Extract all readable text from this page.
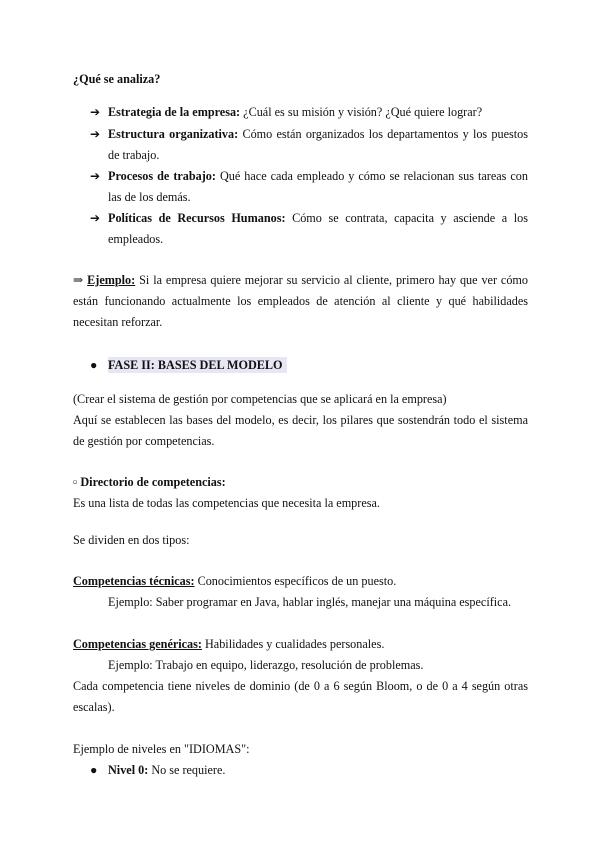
¿Qué se analiza?
➔ Estrategia de la empresa: ¿Cuál es su misión y visión? ¿Qué quiere lograr?
➔ Estructura organizativa: Cómo están organizados los departamentos y los puestos de trabajo.
➔ Procesos de trabajo: Qué hace cada empleado y cómo se relacionan sus tareas con las de los demás.
➔ Políticas de Recursos Humanos: Cómo se contrata, capacita y asciende a los empleados.
⇒ Ejemplo: Si la empresa quiere mejorar su servicio al cliente, primero hay que ver cómo están funcionando actualmente los empleados de atención al cliente y qué habilidades necesitan reforzar.
● FASE II: BASES DEL MODELO
(Crear el sistema de gestión por competencias que se aplicará en la empresa)
Aquí se establecen las bases del modelo, es decir, los pilares que sostendrán todo el sistema de gestión por competencias.
▫ Directorio de competencias:
Es una lista de todas las competencias que necesita la empresa.
Se dividen en dos tipos:
Competencias técnicas: Conocimientos específicos de un puesto.
Ejemplo: Saber programar en Java, hablar inglés, manejar una máquina específica.
Competencias genéricas: Habilidades y cualidades personales.
Ejemplo: Trabajo en equipo, liderazgo, resolución de problemas.
Cada competencia tiene niveles de dominio (de 0 a 6 según Bloom, o de 0 a 4 según otras escalas).
Ejemplo de niveles en "IDIOMAS":
● Nivel 0: No se requiere.
